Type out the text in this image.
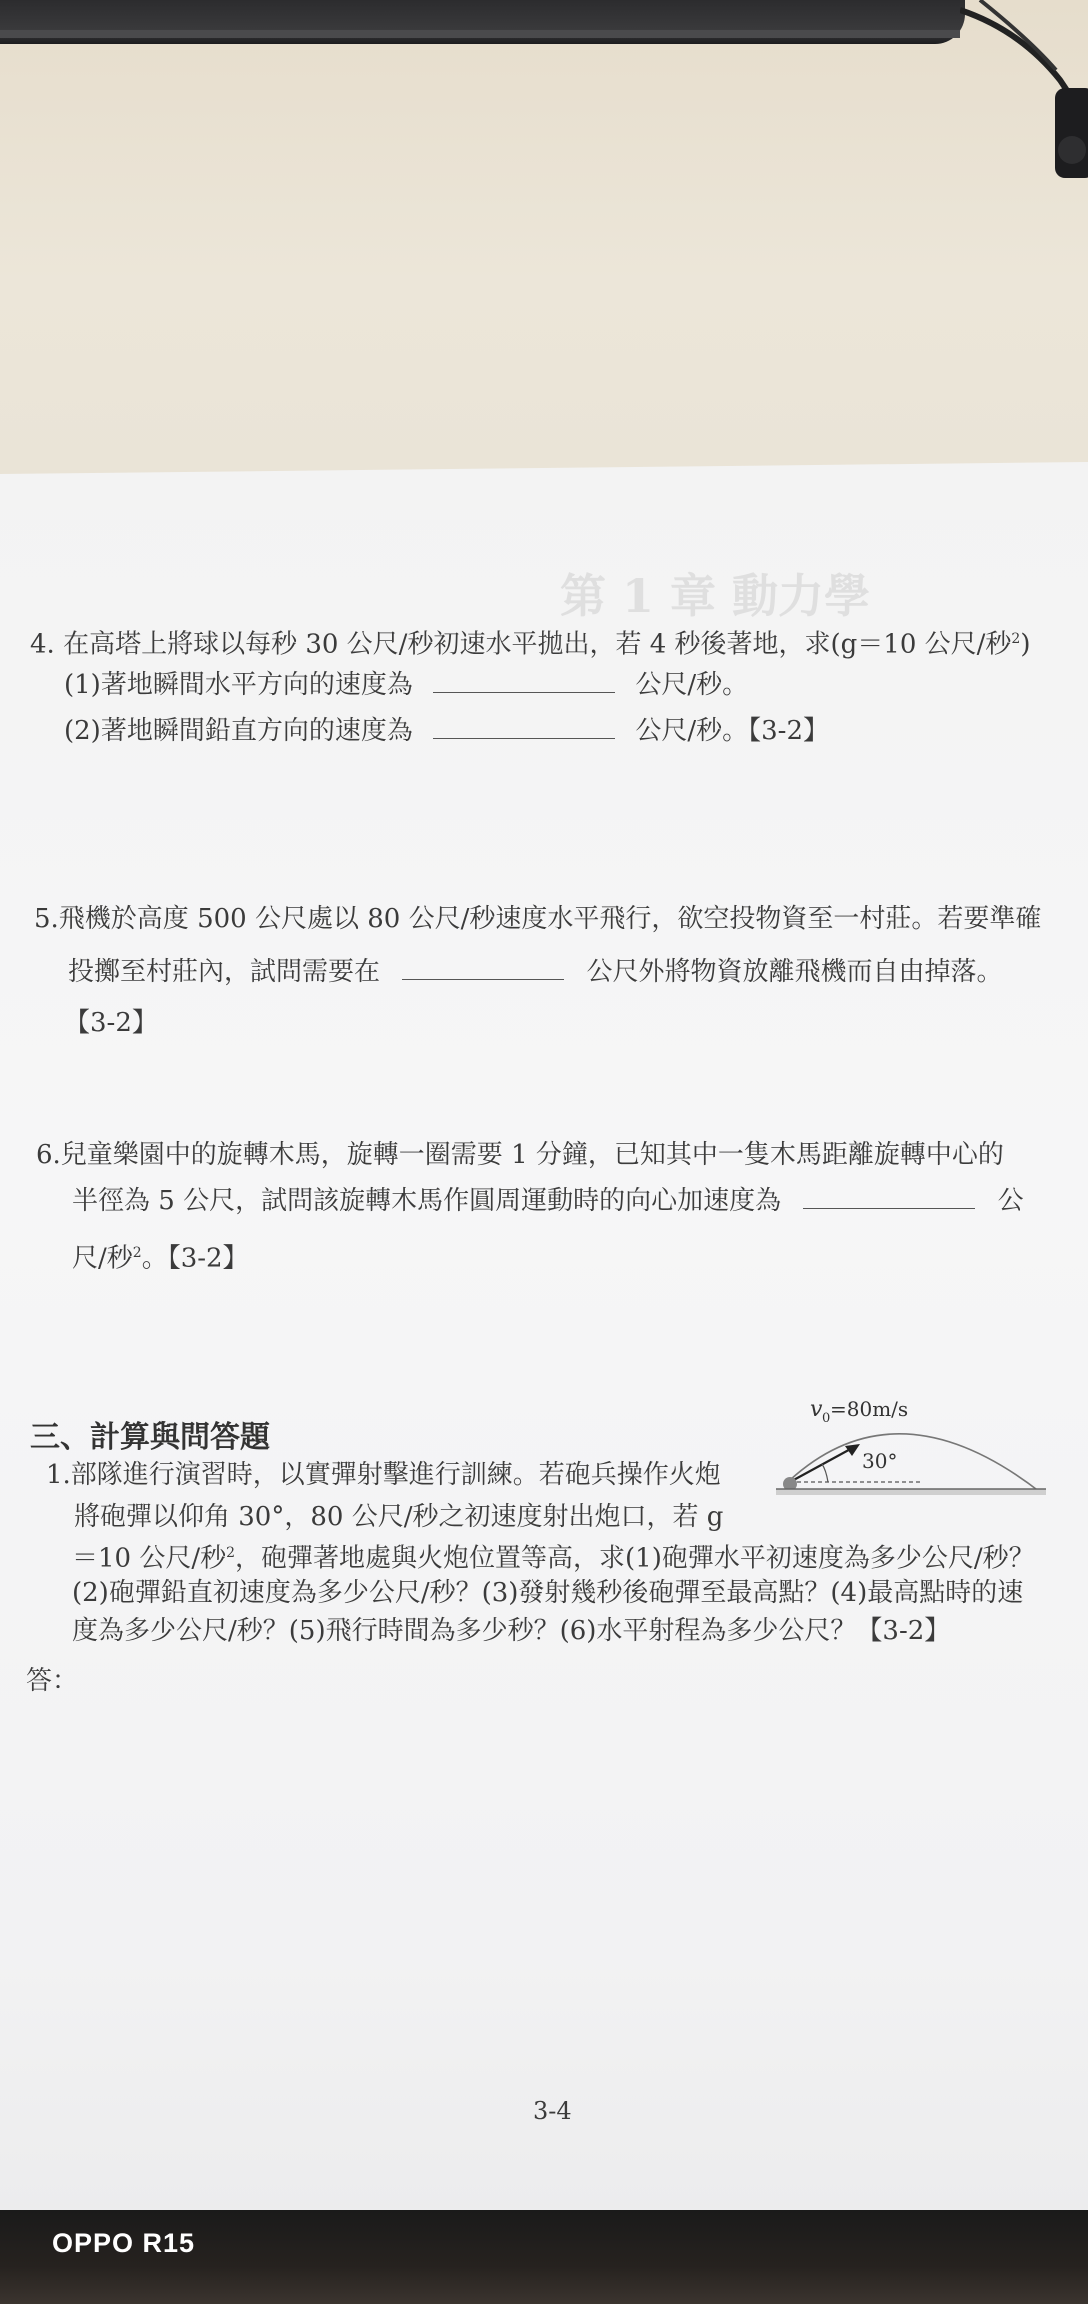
第 1 章 動力學
4. 在高塔上將球以每秒 30 公尺/秒初速水平拋出，若 4 秒後著地，求(g＝10 公尺/秒$^2$)
(1)著地瞬間水平方向的速度為	公尺/秒。
(2)著地瞬間鉛直方向的速度為	公尺/秒。【3-2】
5.飛機於高度 500 公尺處以 80 公尺/秒速度水平飛行，欲空投物資至一村莊。若要準確
投擲至村莊內，試問需要在	公尺外將物資放離飛機而自由掉落。
【3-2】
6.兒童樂園中的旋轉木馬，旋轉一圈需要 1 分鐘，已知其中一隻木馬距離旋轉中心的
半徑為 5 公尺，試問該旋轉木馬作圓周運動時的向心加速度為	公
尺/秒$^2$。【3-2】
三、計算與問答題
v 0 =80m/s
30°
1.部隊進行演習時，以實彈射擊進行訓練。若砲兵操作火炮
將砲彈以仰角 30°，80 公尺/秒之初速度射出炮口，若 g
＝10 公尺/秒$^2$，砲彈著地處與火炮位置等高，求(1)砲彈水平初速度為多少公尺/秒？
(2)砲彈鉛直初速度為多少公尺/秒？(3)發射幾秒後砲彈至最高點？(4)最高點時的速
度為多少公尺/秒？(5)飛行時間為多少秒？(6)水平射程為多少公尺？【3-2】
答：
3-4
OPPO R15
